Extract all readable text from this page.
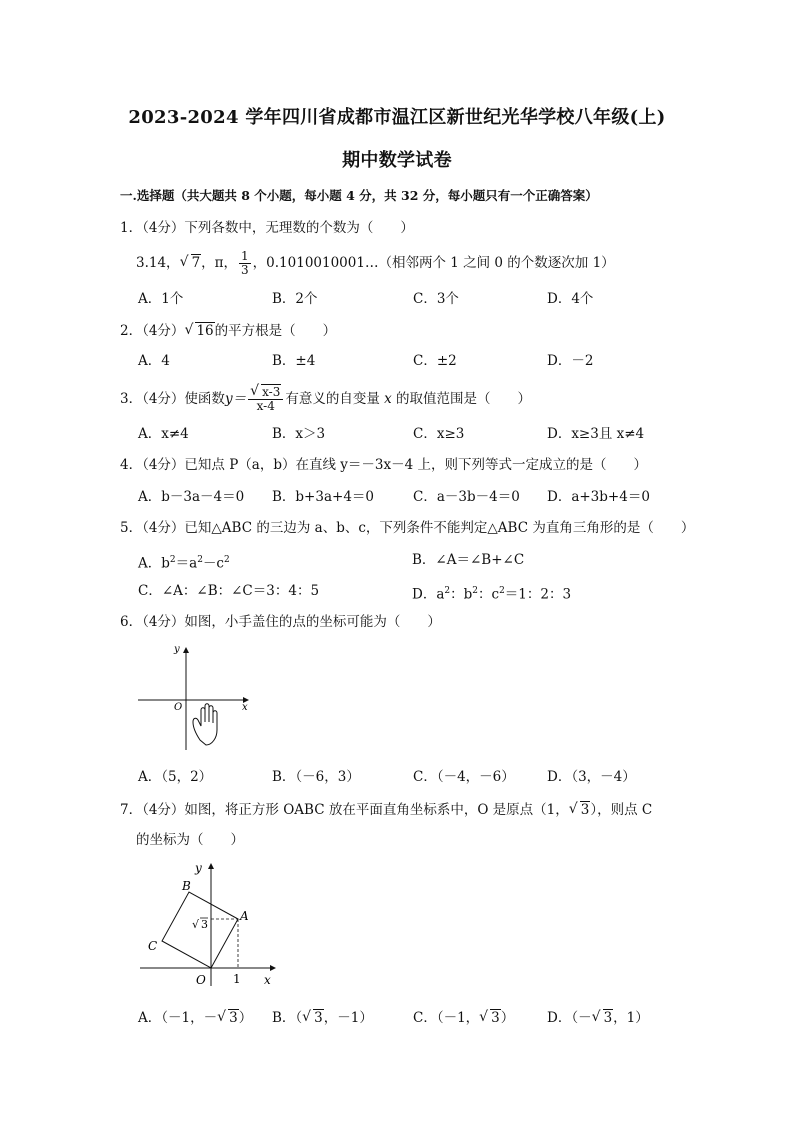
2023-2024 学年四川省成都市温江区新世纪光华学校八年级(上)
期中数学试卷
一.选择题（共大题共 8 个小题，每小题 4 分，共 32 分，每小题只有一个正确答案）
1．（4分）下列各数中，无理数的个数为（　　）
3.14， √ 7，π， $\frac{1}{3}$ ，0.1010010001…（相邻两个 1 之间 0 的个数逐次加 1）
A．1个	B．2个	C．3个	D．4个
2．（4分） √ 16的平方根是（　　）
A．4	B．±4	C．±2	D．－2
3．（4分）使函数y＝ √ $\frac{x-3}{x-4}$ 有意义的自变量 x 的取值范围是（　　）
A．x≠4	B．x＞3	C．x≥3	D．x≥3且 x≠4
4．（4分）已知点 P（a，b）在直线 y＝－3x－4 上，则下列等式一定成立的是（　　）
A．b－3a－4＝0 B．b+3a+4＝0	C．a－3b－4＝0 D．a+3b+4＝0
5．（4分）已知△ABC 的三边为 a、b、c，下列条件不能判定△ABC 为直角三角形的是（　　）
A．$b^2=a^2-c^2$	B．∠A＝∠B+∠C
C．∠A：∠B：∠C＝3：4：5	D．$a^2$：$b^2$：$c^2=1$：2：3
6．（4分）如图，小手盖住的点的坐标可能为（　　）
y
x
O
A．（5，2）	B．（－6，3）	C．（－4，－6） D．（3，－4）
7．（4分）如图，将正方形 OABC 放在平面直角坐标系中，O 是原点（1， √ 3），则点 C
的坐标为（　　）
y
x
O 1
A
B
C
√ 3
A．（－1，－ √ 3） B．（ √ 3，－1）	C．（－1， √ 3） D．（－ √ 3，1）
